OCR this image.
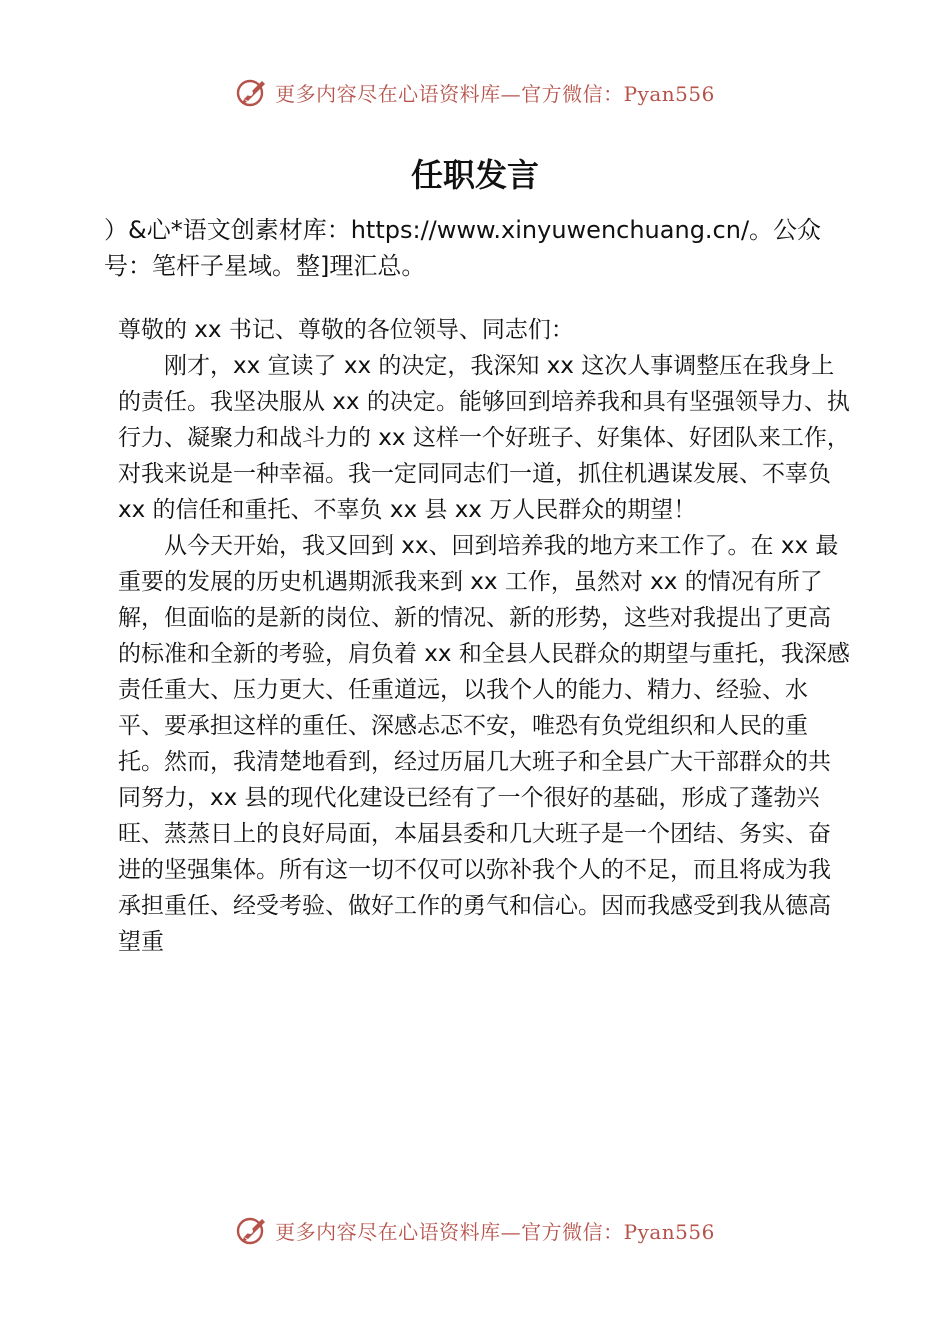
更多内容尽在心语资料库—官方微信：Pyan556
任职发言

）&心*语文创素材库：https://www.xinyuwenchuang.cn/。公众号：笔杆子星域。整]理汇总。

尊敬的 xx 书记、尊敬的各位领导、同志们：

刚才，xx 宣读了 xx 的决定，我深知 xx 这次人事调整压在我身上的责任。我坚决服从 xx 的决定。能够回到培养我和具有坚强领导力、执行力、凝聚力和战斗力的 xx 这样一个好班子、好集体、好团队来工作，对我来说是一种幸福。我一定同同志们一道，抓住机遇谋发展、不辜负 xx 的信任和重托、不辜负 xx 县 xx 万人民群众的期望！

从今天开始，我又回到 xx、回到培养我的地方来工作了。在 xx 最重要的发展的历史机遇期派我来到 xx 工作，虽然对 xx 的情况有所了解，但面临的是新的岗位、新的情况、新的形势，这些对我提出了更高的标准和全新的考验，肩负着 xx 和全县人民群众的期望与重托，我深感责任重大、压力更大、任重道远，以我个人的能力、精力、经验、水平、要承担这样的重任、深感忐忑不安，唯恐有负党组织和人民的重托。然而，我清楚地看到，经过历届几大班子和全县广大干部群众的共同努力，xx 县的现代化建设已经有了一个很好的基础，形成了蓬勃兴旺、蒸蒸日上的良好局面，本届县委和几大班子是一个团结、务实、奋进的坚强集体。所有这一切不仅可以弥补我个人的不足，而且将成为我承担重任、经受考验、做好工作的勇气和信心。因而我感受到我从德高望重

更多内容尽在心语资料库—官方微信：Pyan556
